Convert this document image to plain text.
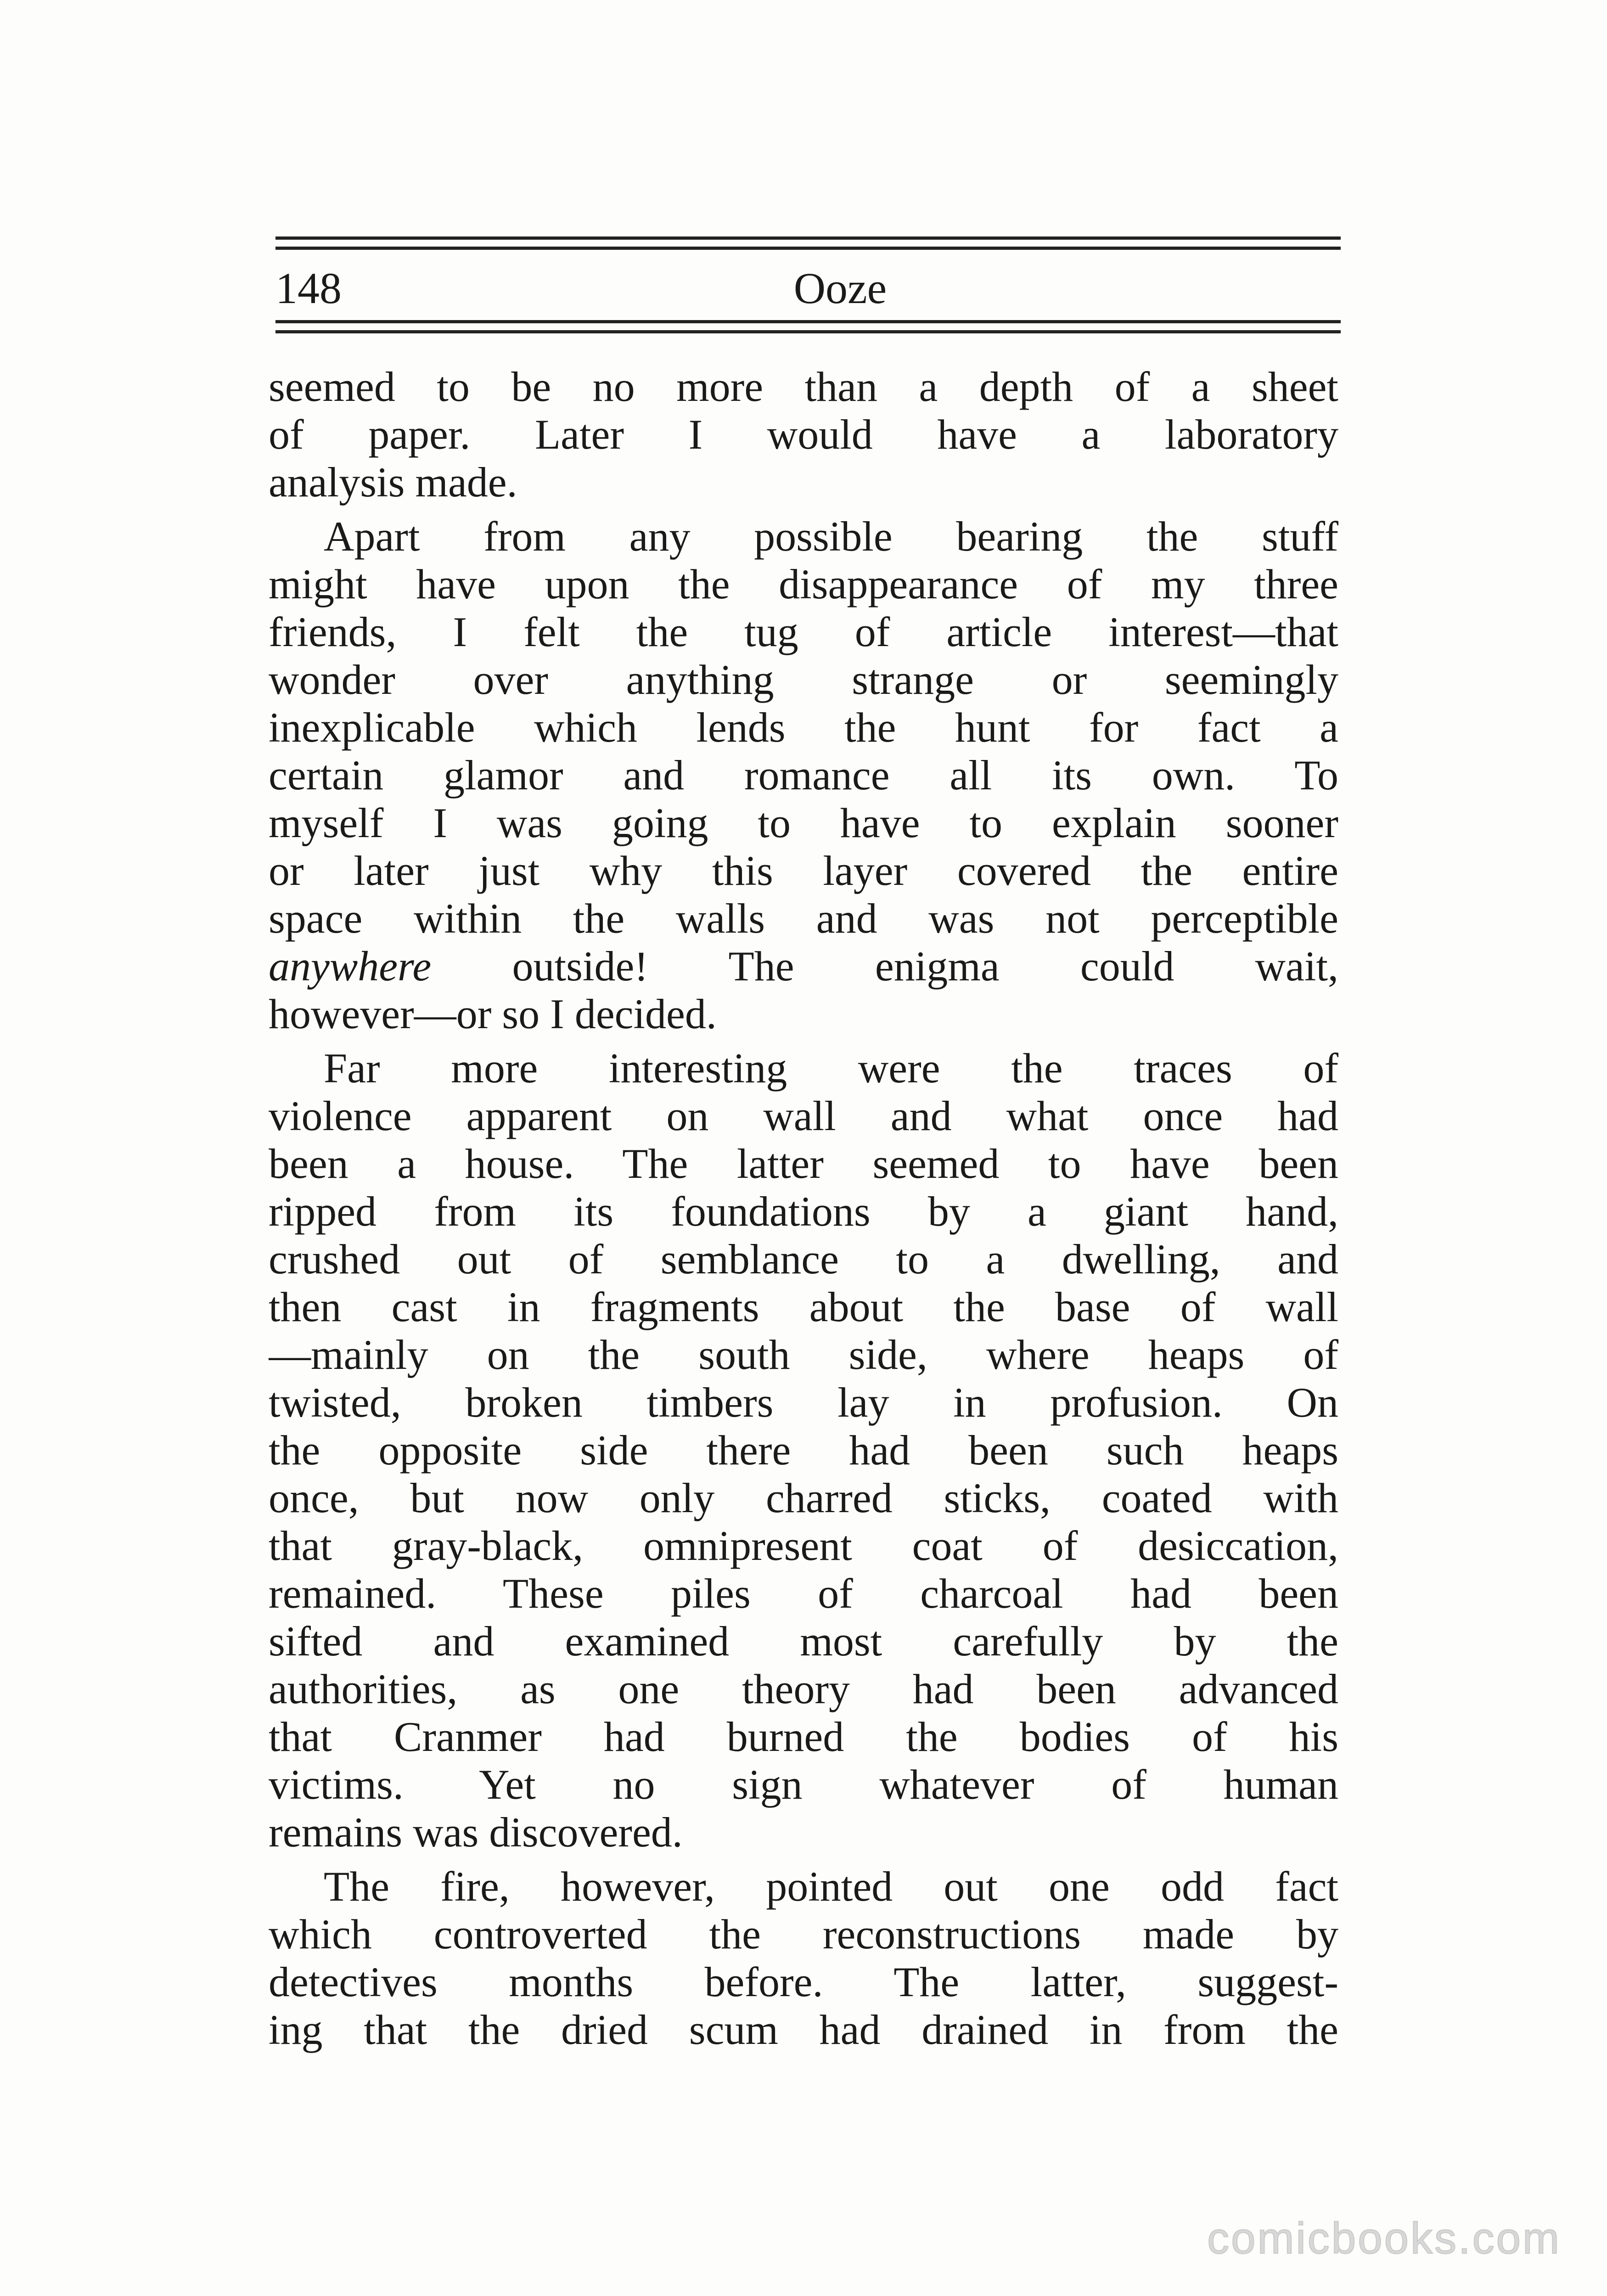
148	Ooze
seemed to be no more than a depth of a sheet
of paper. Later I would have a laboratory
analysis made.
Apart from any possible bearing the stuff
might have upon the disappearance of my three
friends, I felt the tug of article interest—that
wonder over anything strange or seemingly
inexplicable which lends the hunt for fact a
certain glamor and romance all its own. To
myself I was going to have to explain sooner
or later just why this layer covered the entire
space within the walls and was not perceptible
anywhere outside! The enigma could wait,
however—or so I decided.
Far more interesting were the traces of
violence apparent on wall and what once had
been a house. The latter seemed to have been
ripped from its foundations by a giant hand,
crushed out of semblance to a dwelling, and
then cast in fragments about the base of wall
—mainly on the south side, where heaps of
twisted, broken timbers lay in profusion. On
the opposite side there had been such heaps
once, but now only charred sticks, coated with
that gray-black, omnipresent coat of desiccation,
remained. These piles of charcoal had been
sifted and examined most carefully by the
authorities, as one theory had been advanced
that Cranmer had burned the bodies of his
victims. Yet no sign whatever of human
remains was discovered.
The fire, however, pointed out one odd fact
which controverted the reconstructions made by
detectives months before. The latter, suggest-
ing that the dried scum had drained in from the
comicbooks.com
